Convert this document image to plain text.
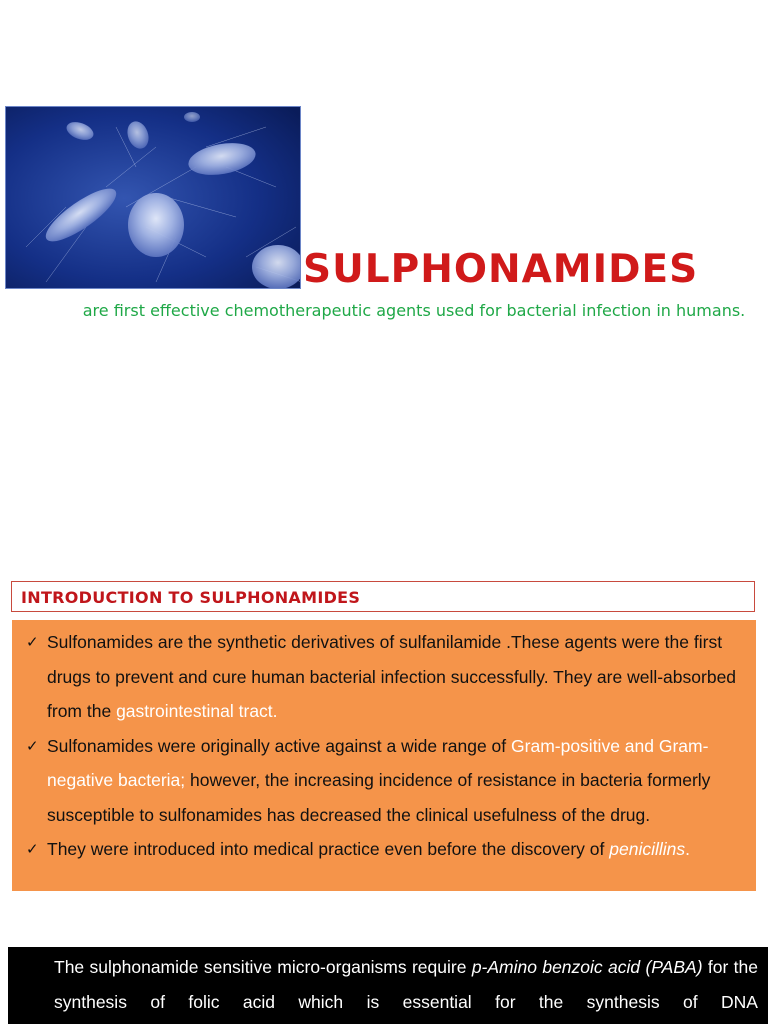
SULPHONAMIDES
are first effective chemotherapeutic agents used for bacterial infection in humans.
INTRODUCTION TO SULPHONAMIDES
✓ Sulfonamides are the synthetic derivatives of sulfanilamide .These agents were the first drugs to prevent and cure human bacterial infection successfully. They are well-absorbed from the gastrointestinal tract.
✓ Sulfonamides were originally active against a wide range of Gram-positive and Gram-negative bacteria; however, the increasing incidence of resistance in bacteria formerly susceptible to sulfonamides has decreased the clinical usefulness of the drug.
✓ They were introduced into medical practice even before the discovery of penicillins.
The sulphonamide sensitive micro-organisms require p-Amino benzoic acid (PABA) for the synthesis of folic acid which is essential for the synthesis of DNA
